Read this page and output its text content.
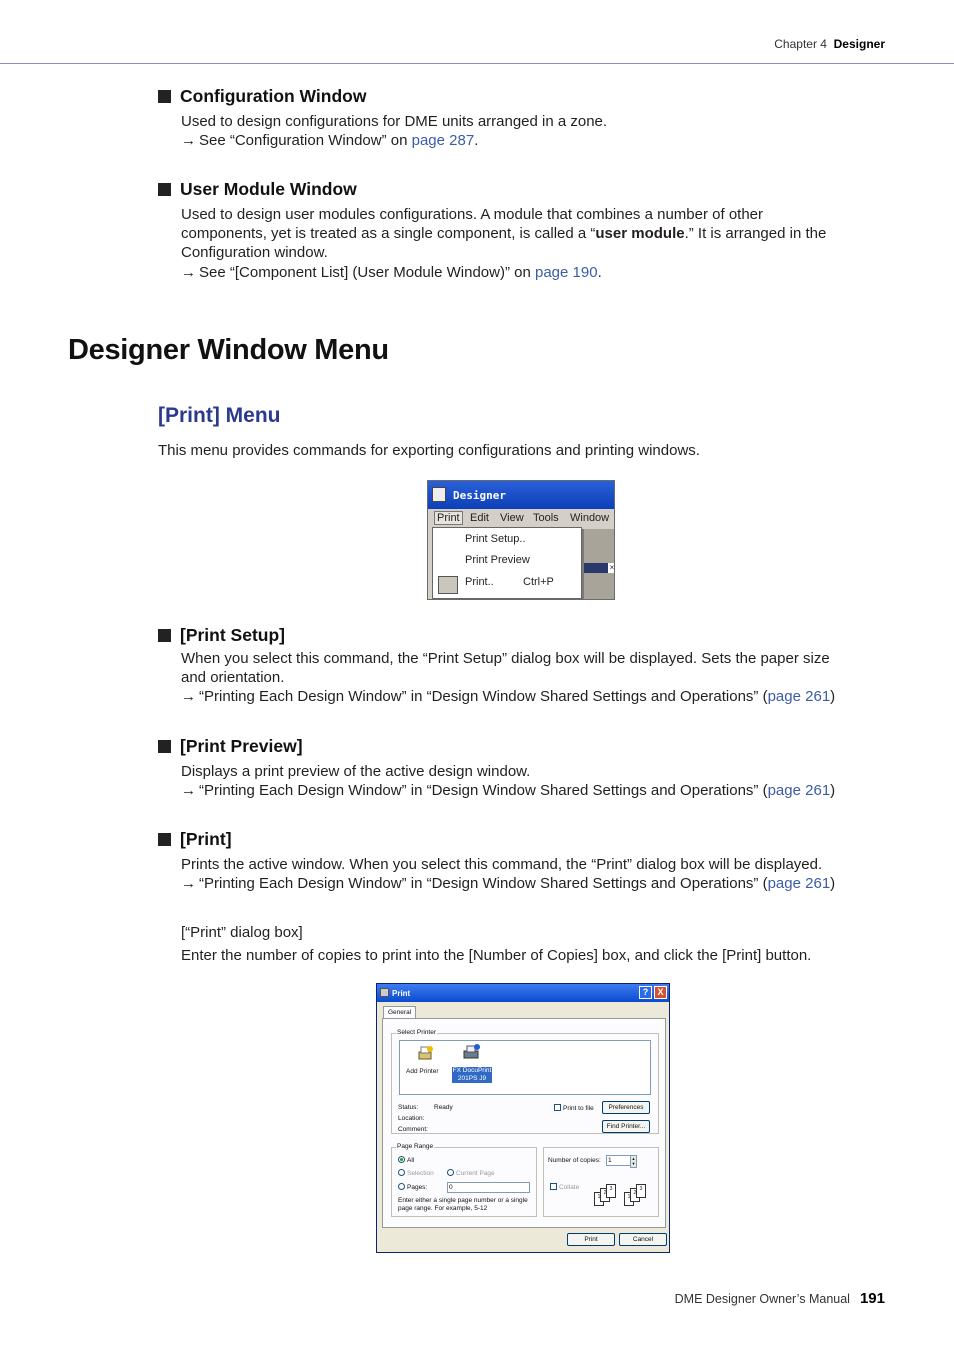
Chapter 4 Designer
Configuration Window
Used to design configurations for DME units arranged in a zone.
→ See “Configuration Window” on page 287.
User Module Window
Used to design user modules configurations. A module that combines a number of other
components, yet is treated as a single component, is called a “user module.” It is arranged in the
Configuration window.
→ See “[Component List] (User Module Window)” on page 190.
Designer Window Menu
[Print] Menu
This menu provides commands for exporting configurations and printing windows.
Designer
Print Edit View Tools Window
×
Print Setup..
Print Preview
Print..	Ctrl+P
[Print Setup]
When you select this command, the “Print Setup” dialog box will be displayed. Sets the paper size
and orientation.
→ “Printing Each Design Window” in “Design Window Shared Settings and Operations” (page 261)
[Print Preview]
Displays a print preview of the active design window.
→ “Printing Each Design Window” in “Design Window Shared Settings and Operations” (page 261)
[Print]
Prints the active window. When you select this command, the “Print” dialog box will be displayed.
→ “Printing Each Design Window” in “Design Window Shared Settings and Operations” (page 261)
[“Print” dialog box]
Enter the number of copies to print into the [Number of Copies] box, and click the [Print] button.
Print	?	X
General
Select Printer
Add Printer FX DocuPrint
201PS J9
Status: Ready
Location:
Comment:
Print to file	Preferences
Find Printer...
Page Range
All
Selection	Current Page
Pages:	0
Enter either a single page number or a single
page range. For example, 5-12
Number of copies:	1	▲
▼
Collate
1
2
3
1
2
3
Print	Cancel
DME Designer Owner’s Manual 191
